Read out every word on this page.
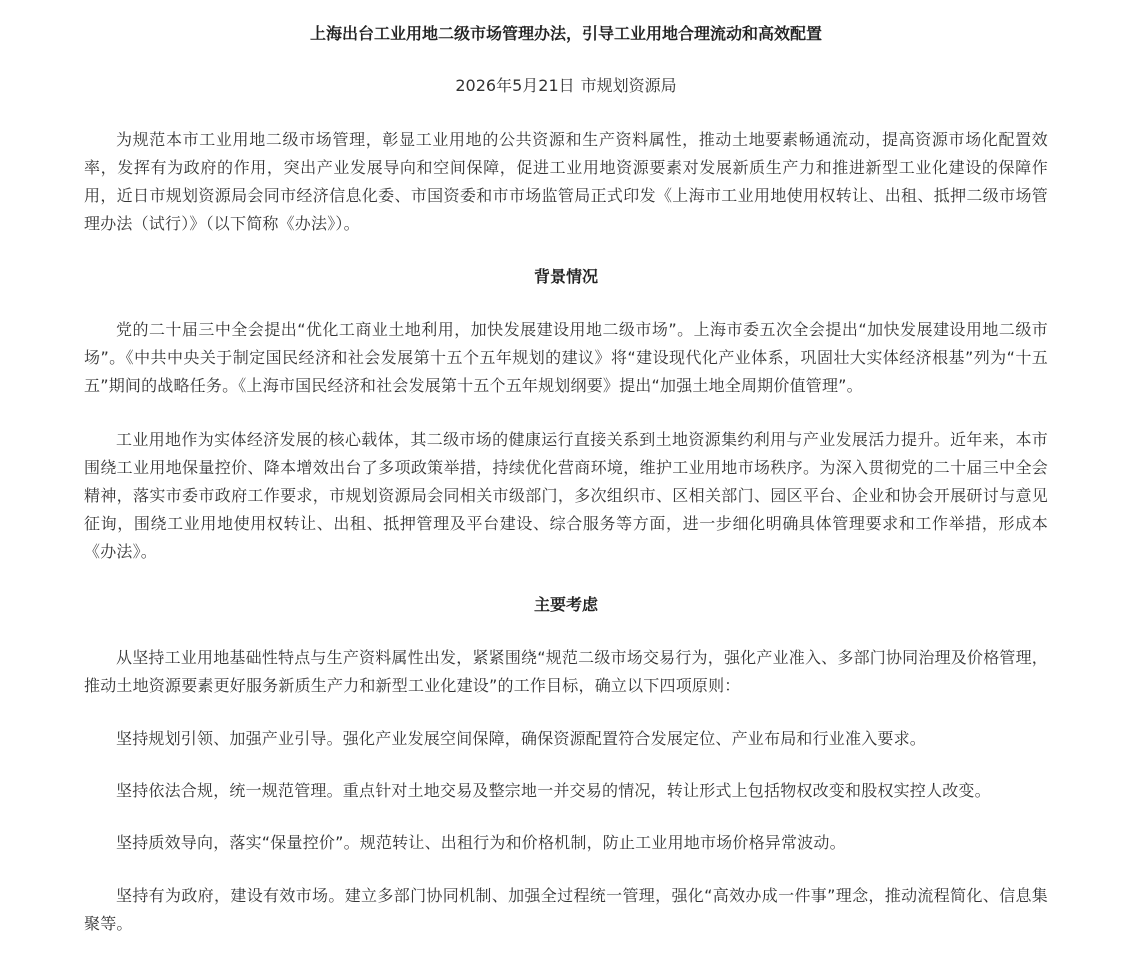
上海出台工业用地二级市场管理办法，引导工业用地合理流动和高效配置

2026年5月21日 市规划资源局

为规范本市工业用地二级市场管理，彰显工业用地的公共资源和生产资料属性，推动土地要素畅通流动，提高资源市场化配置效率，发挥有为政府的作用，突出产业发展导向和空间保障，促进工业用地资源要素对发展新质生产力和推进新型工业化建设的保障作用，近日市规划资源局会同市经济信息化委、市国资委和市市场监管局正式印发《上海市工业用地使用权转让、出租、抵押二级市场管理办法（试行）》（以下简称《办法》）。

背景情况

党的二十届三中全会提出“优化工商业土地利用，加快发展建设用地二级市场”。上海市委五次全会提出“加快发展建设用地二级市场”。《中共中央关于制定国民经济和社会发展第十五个五年规划的建议》将“建设现代化产业体系，巩固壮大实体经济根基”列为“十五五”期间的战略任务。《上海市国民经济和社会发展第十五个五年规划纲要》提出“加强土地全周期价值管理”。

工业用地作为实体经济发展的核心载体，其二级市场的健康运行直接关系到土地资源集约利用与产业发展活力提升。近年来，本市围绕工业用地保量控价、降本增效出台了多项政策举措，持续优化营商环境，维护工业用地市场秩序。为深入贯彻党的二十届三中全会精神，落实市委市政府工作要求，市规划资源局会同相关市级部门，多次组织市、区相关部门、园区平台、企业和协会开展研讨与意见征询，围绕工业用地使用权转让、出租、抵押管理及平台建设、综合服务等方面，进一步细化明确具体管理要求和工作举措，形成本《办法》。

主要考虑

从坚持工业用地基础性特点与生产资料属性出发，紧紧围绕“规范二级市场交易行为，强化产业准入、多部门协同治理及价格管理，推动土地资源要素更好服务新质生产力和新型工业化建设”的工作目标，确立以下四项原则：

坚持规划引领、加强产业引导。强化产业发展空间保障，确保资源配置符合发展定位、产业布局和行业准入要求。

坚持依法合规，统一规范管理。重点针对土地交易及整宗地一并交易的情况，转让形式上包括物权改变和股权实控人改变。

坚持质效导向，落实“保量控价”。规范转让、出租行为和价格机制，防止工业用地市场价格异常波动。

坚持有为政府，建设有效市场。建立多部门协同机制、加强全过程统一管理，强化“高效办成一件事”理念，推动流程简化、信息集聚等。
